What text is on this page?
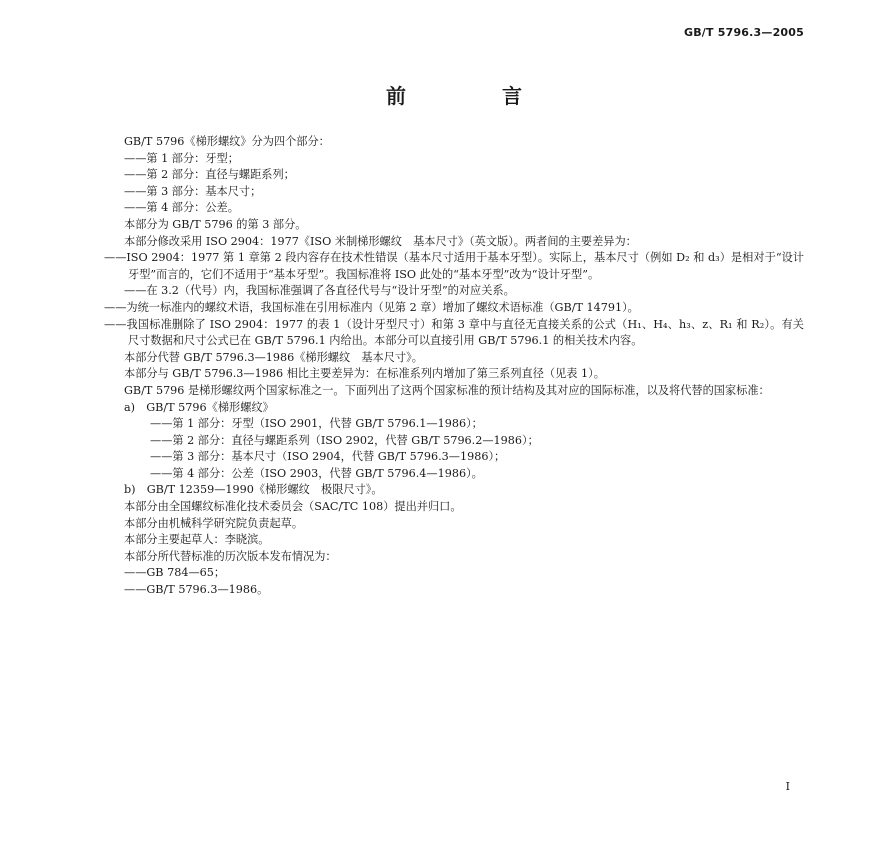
GB/T 5796.3—2005
前　言

GB/T 5796《梯形螺纹》分为四个部分：

——第 1 部分：牙型；

——第 2 部分：直径与螺距系列；

——第 3 部分：基本尺寸；

——第 4 部分：公差。

本部分为 GB/T 5796 的第 3 部分。

本部分修改采用 ISO 2904：1977《ISO 米制梯形螺纹　基本尺寸》（英文版）。两者间的主要差异为：

——ISO 2904：1977 第 1 章第 2 段内容存在技术性错误（基本尺寸适用于基本牙型）。实际上，基本尺寸（例如 D₂ 和 d₃）是相对于“设计牙型”而言的，它们不适用于“基本牙型”。我国标准将 ISO 此处的“基本牙型”改为“设计牙型”。

——在 3.2（代号）内，我国标准强调了各直径代号与“设计牙型”的对应关系。

——为统一标准内的螺纹术语，我国标准在引用标准内（见第 2 章）增加了螺纹术语标准（GB/T 14791）。

——我国标准删除了 ISO 2904：1977 的表 1（设计牙型尺寸）和第 3 章中与直径无直接关系的公式（H₁、H₄、h₃、z、R₁ 和 R₂）。有关尺寸数据和尺寸公式已在 GB/T 5796.1 内给出。本部分可以直接引用 GB/T 5796.1 的相关技术内容。

本部分代替 GB/T 5796.3—1986《梯形螺纹　基本尺寸》。

本部分与 GB/T 5796.3—1986 相比主要差异为：在标准系列内增加了第三系列直径（见表 1）。

GB/T 5796 是梯形螺纹两个国家标准之一。下面列出了这两个国家标准的预计结构及其对应的国际标准，以及将代替的国家标准：

a)　GB/T 5796《梯形螺纹》

——第 1 部分：牙型（ISO 2901，代替 GB/T 5796.1—1986）；

——第 2 部分：直径与螺距系列（ISO 2902，代替 GB/T 5796.2—1986）；

——第 3 部分：基本尺寸（ISO 2904，代替 GB/T 5796.3—1986）；

——第 4 部分：公差（ISO 2903，代替 GB/T 5796.4—1986）。

b)　GB/T 12359—1990《梯形螺纹　极限尺寸》。

本部分由全国螺纹标准化技术委员会（SAC/TC 108）提出并归口。

本部分由机械科学研究院负责起草。

本部分主要起草人：李晓滨。

本部分所代替标准的历次版本发布情况为：

——GB 784—65；

——GB/T 5796.3—1986。

I
